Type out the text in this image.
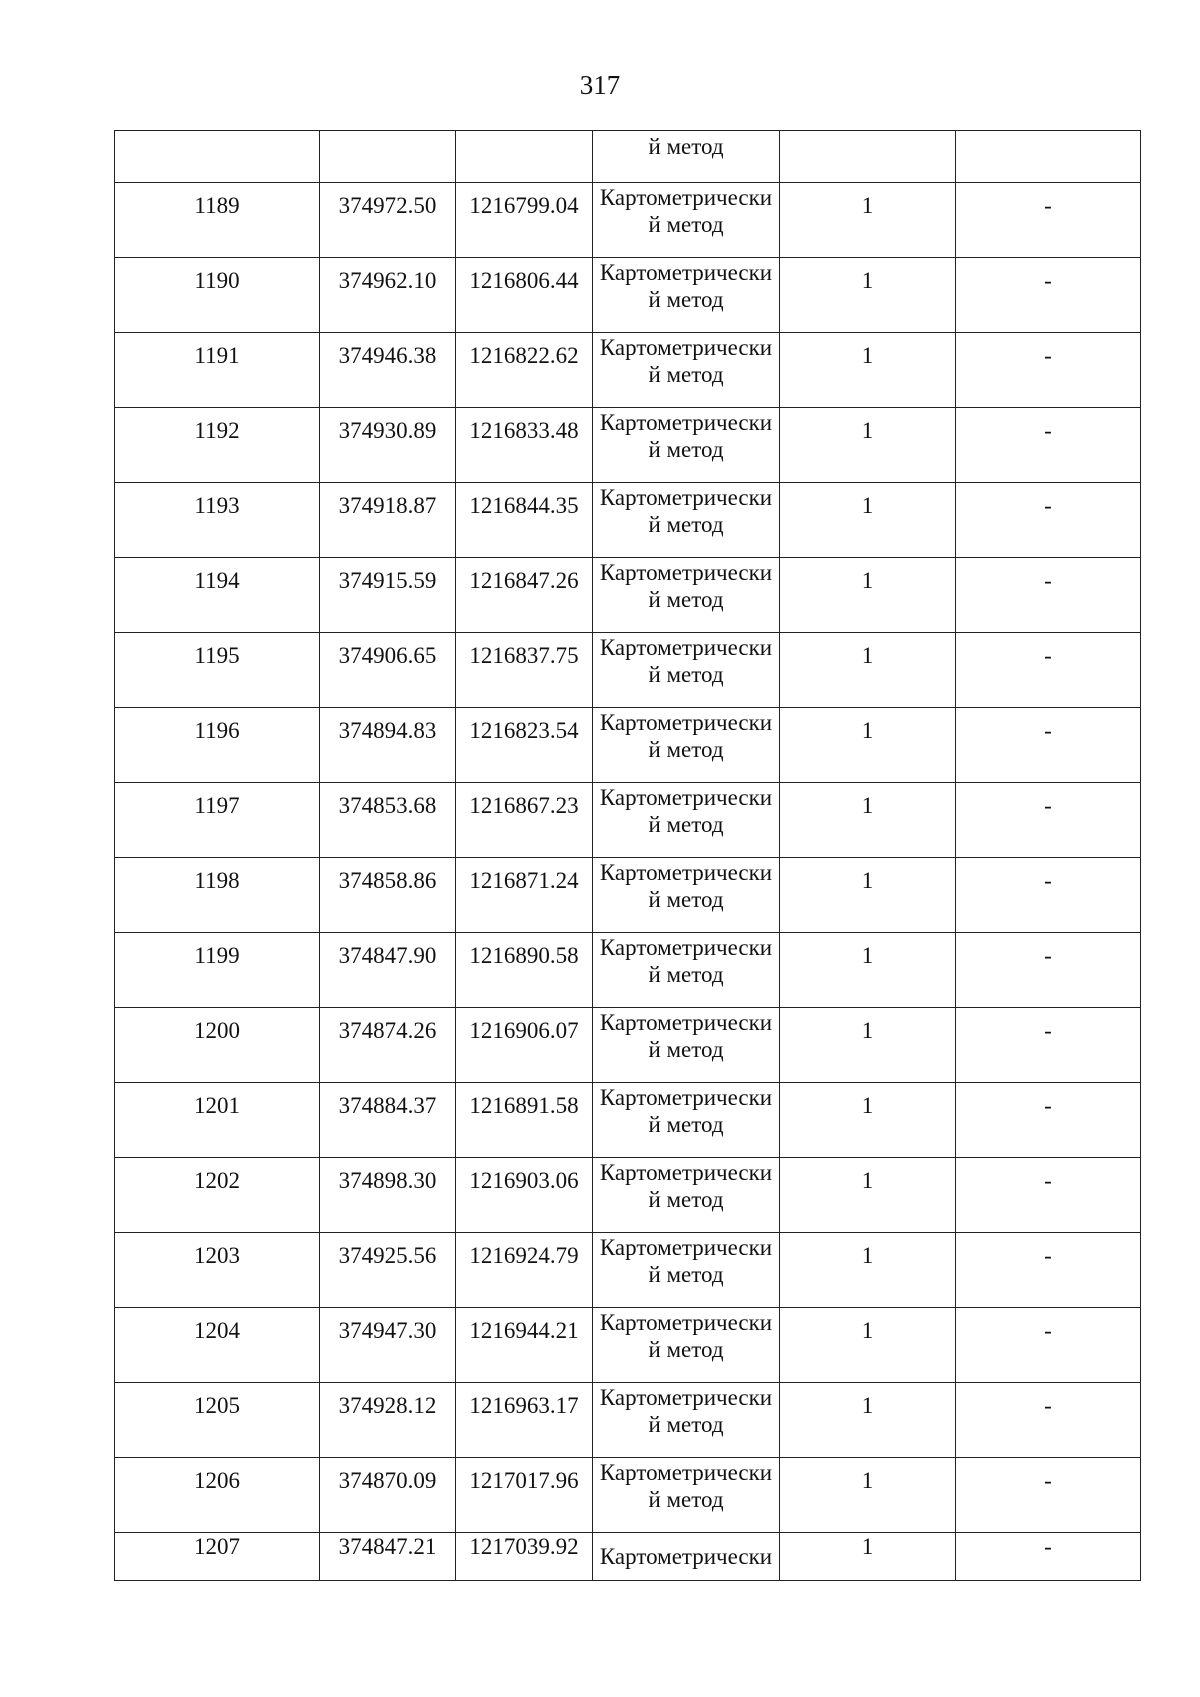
317

			й метод		

1189	374972.50	1216799.04	Картометрически
й метод	1	-

1190	374962.10	1216806.44	Картометрически
й метод	1	-

1191	374946.38	1216822.62	Картометрически
й метод	1	-

1192	374930.89	1216833.48	Картометрически
й метод	1	-

1193	374918.87	1216844.35	Картометрически
й метод	1	-

1194	374915.59	1216847.26	Картометрически
й метод	1	-

1195	374906.65	1216837.75	Картометрически
й метод	1	-

1196	374894.83	1216823.54	Картометрически
й метод	1	-

1197	374853.68	1216867.23	Картометрически
й метод	1	-

1198	374858.86	1216871.24	Картометрически
й метод	1	-

1199	374847.90	1216890.58	Картометрически
й метод	1	-

1200	374874.26	1216906.07	Картометрически
й метод	1	-

1201	374884.37	1216891.58	Картометрически
й метод	1	-

1202	374898.30	1216903.06	Картометрически
й метод	1	-

1203	374925.56	1216924.79	Картометрически
й метод	1	-

1204	374947.30	1216944.21	Картометрически
й метод	1	-

1205	374928.12	1216963.17	Картометрически
й метод	1	-

1206	374870.09	1217017.96	Картометрически
й метод	1	-

1207	374847.21	1217039.92	Картометрически	1	-
